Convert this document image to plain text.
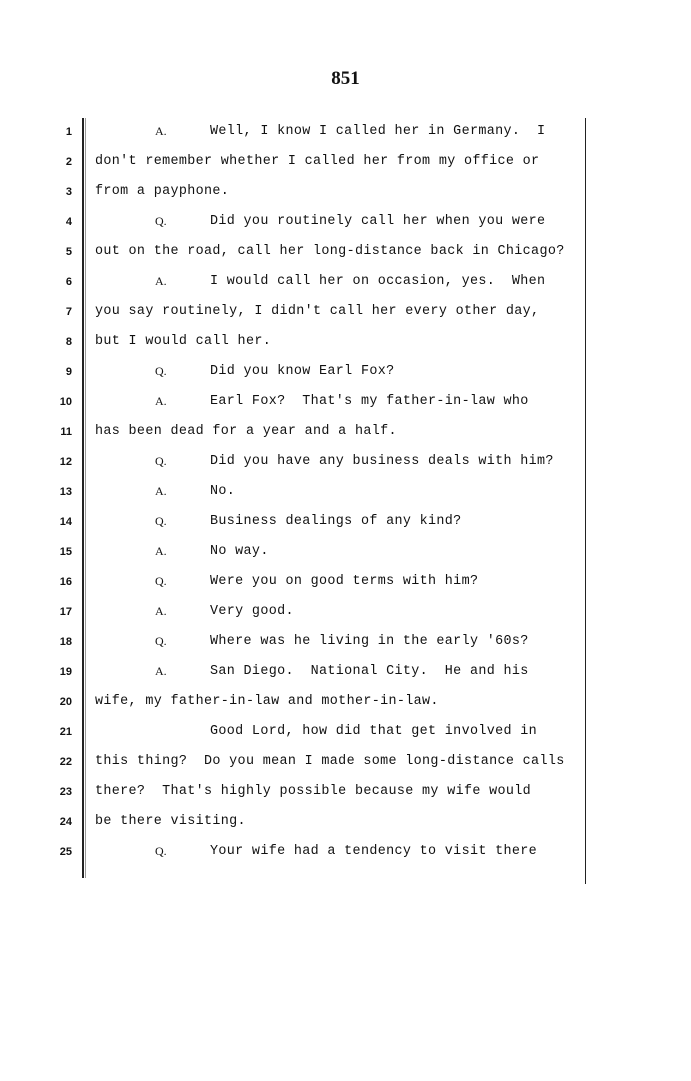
851
1	A.	Well, I know I called her in Germany.  I
2 don't remember whether I called her from my office or
3 from a payphone.
4	Q.	Did you routinely call her when you were
5 out on the road, call her long-distance back in Chicago?
6	A.	I would call her on occasion, yes.  When
7 you say routinely, I didn't call her every other day,
8 but I would call her.
9	Q.	Did you know Earl Fox?
10	A.	Earl Fox?  That's my father-in-law who
11 has been dead for a year and a half.
12	Q.	Did you have any business deals with him?
13	A.	No.
14	Q.	Business dealings of any kind?
15	A.	No way.
16	Q.	Were you on good terms with him?
17	A.	Very good.
18	Q.	Where was he living in the early '60s?
19	A.	San Diego.  National City.  He and his
20 wife, my father-in-law and mother-in-law.
21	Good Lord, how did that get involved in
22 this thing?  Do you mean I made some long-distance calls
23 there?  That's highly possible because my wife would
24 be there visiting.
25	Q.	Your wife had a tendency to visit there
